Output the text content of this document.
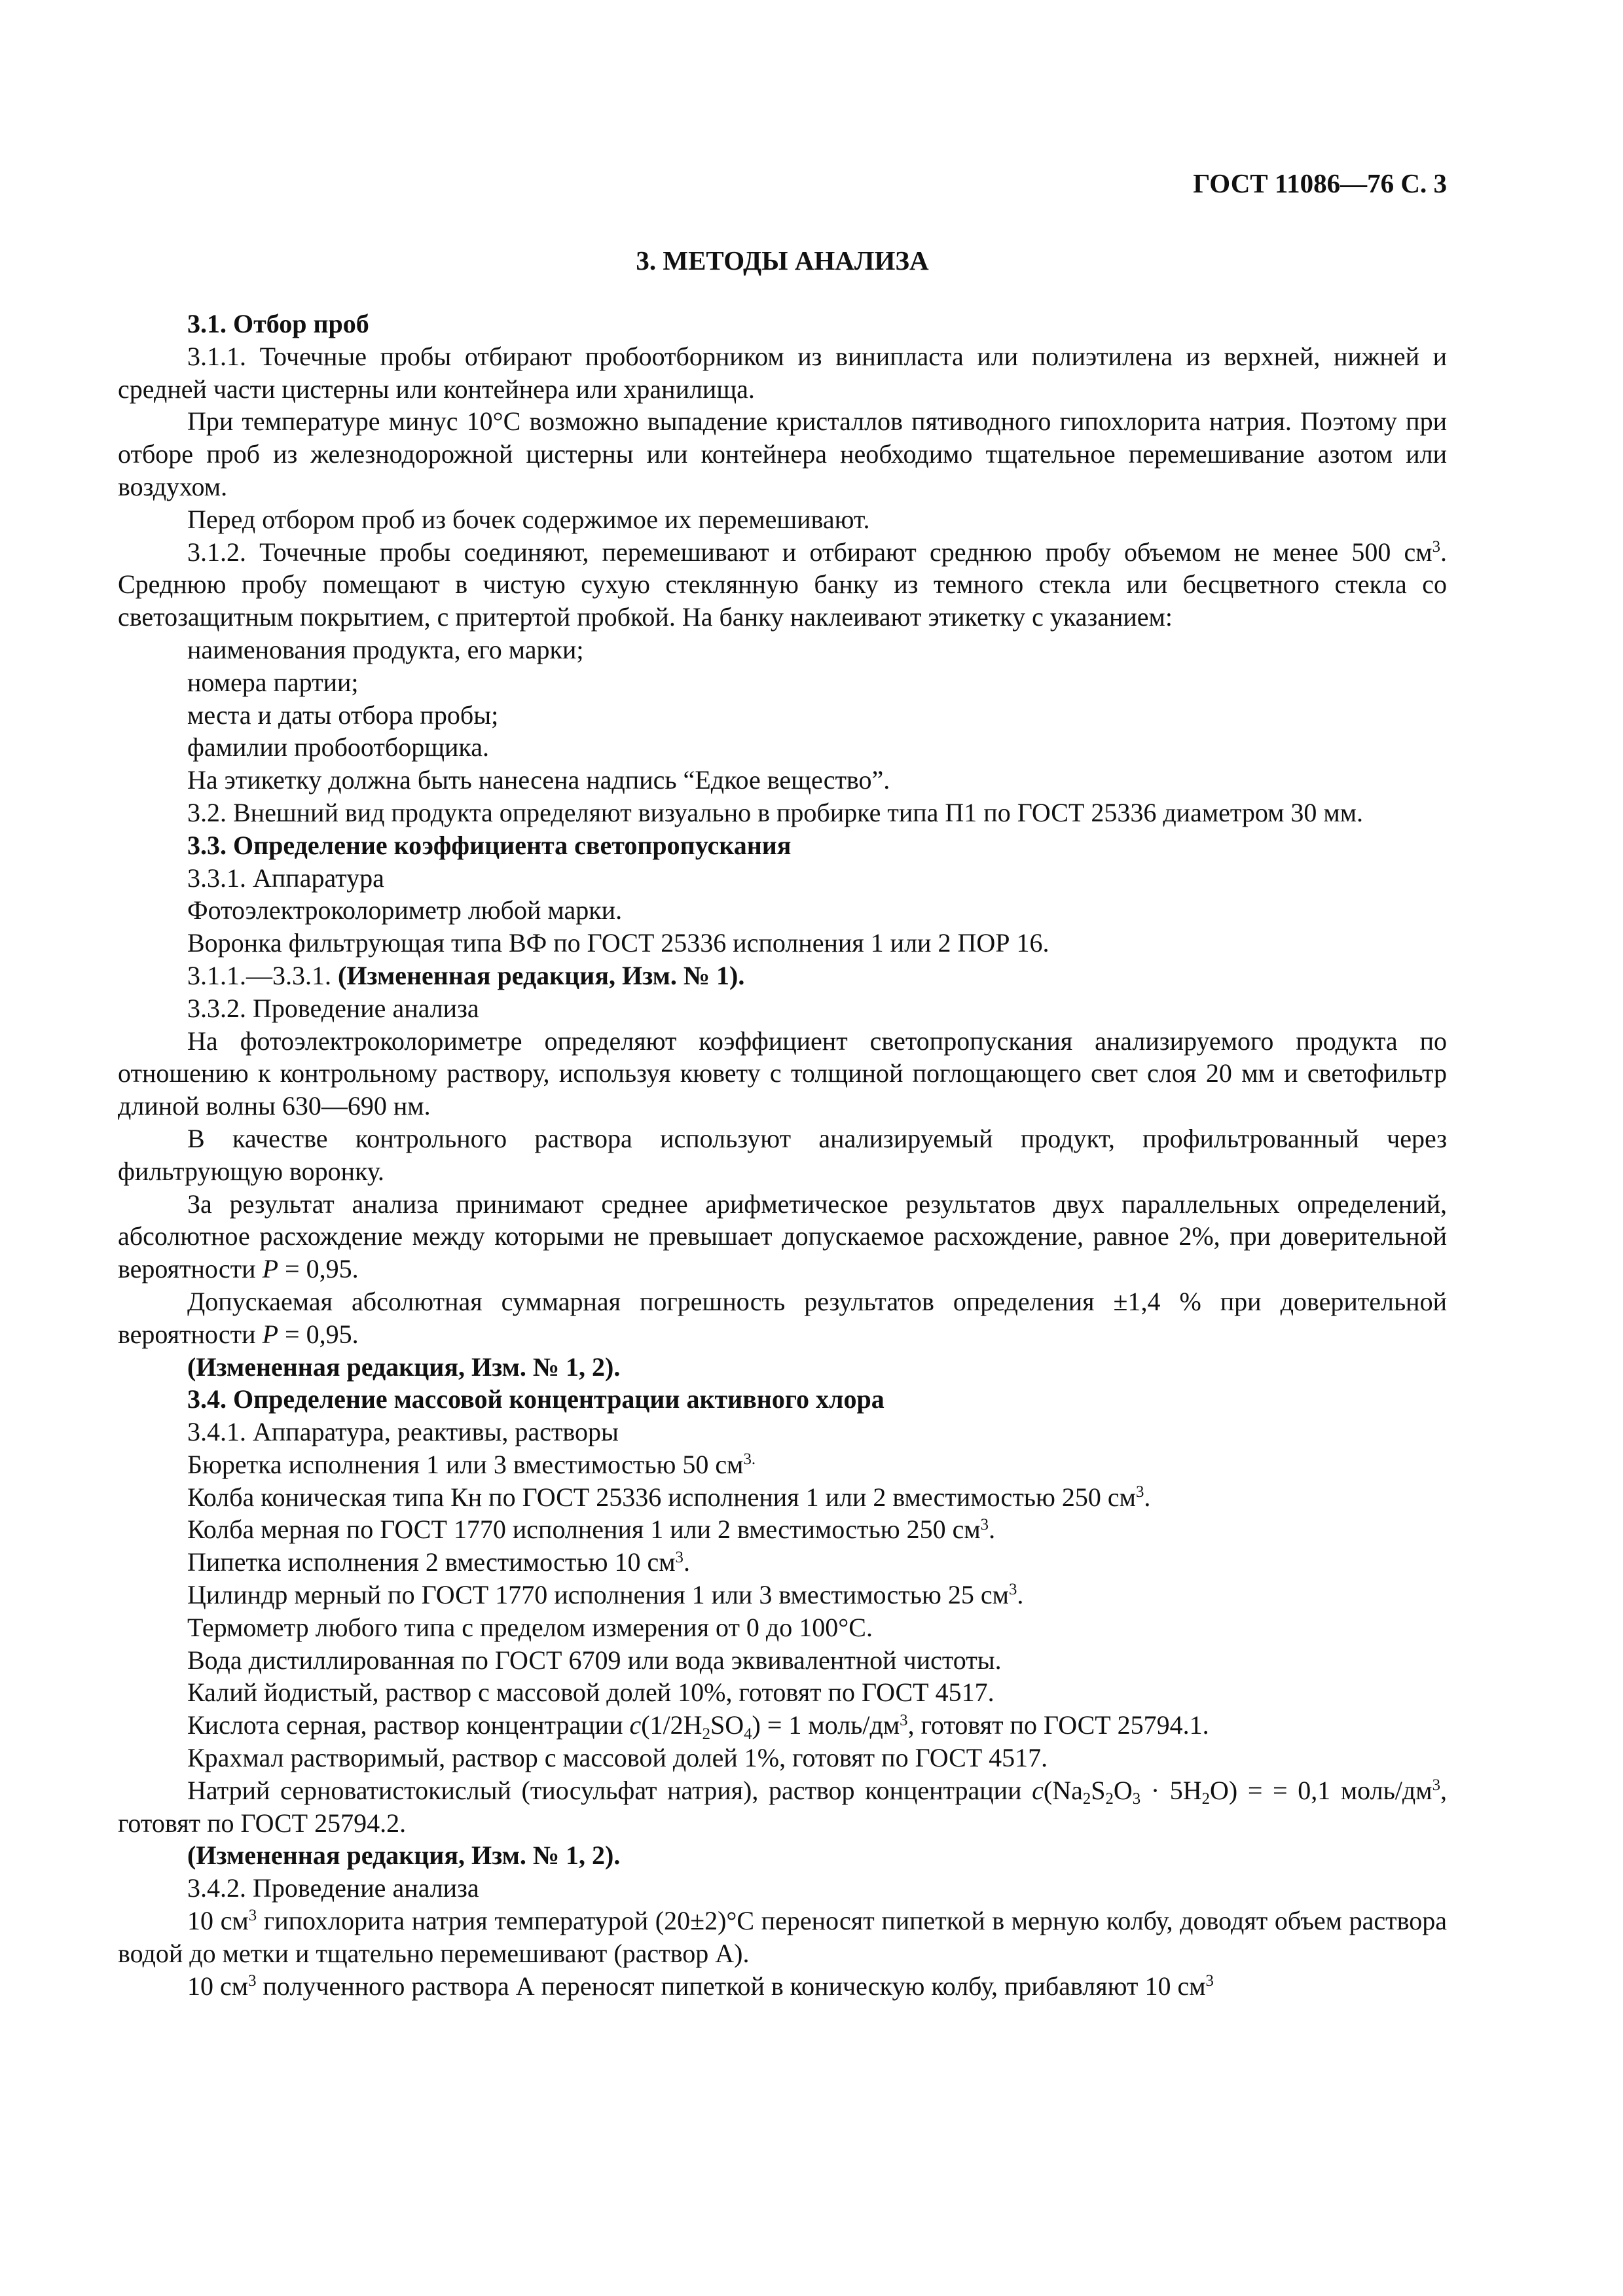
ГОСТ 11086—76 С. 3
3. МЕТОДЫ АНАЛИЗА

3.1. Отбор проб

3.1.1. Точечные пробы отбирают пробоотборником из винипласта или полиэтилена из верхней, нижней и средней части цистерны или контейнера или хранилища.

При температуре минус 10°С возможно выпадение кристаллов пятиводного гипохлорита натрия. Поэтому при отборе проб из железнодорожной цистерны или контейнера необходимо тщательное перемешивание азотом или воздухом.

Перед отбором проб из бочек содержимое их перемешивают.

3.1.2. Точечные пробы соединяют, перемешивают и отбирают среднюю пробу объемом не менее 500 $см^3$. Среднюю пробу помещают в чистую сухую стеклянную банку из темного стекла или бесцветного стекла со светозащитным покрытием, с притертой пробкой. На банку наклеивают этикетку с указанием:

наименования продукта, его марки;

номера партии;

места и даты отбора пробы;

фамилии пробоотборщика.

На этикетку должна быть нанесена надпись “Едкое вещество”.

3.2. Внешний вид продукта определяют визуально в пробирке типа П1 по ГОСТ 25336 диаметром 30 мм.

3.3. Определение коэффициента светопропускания

3.3.1. Аппаратура

Фотоэлектроколориметр любой марки.

Воронка фильтрующая типа ВФ по ГОСТ 25336 исполнения 1 или 2 ПОР 16.

3.1.1.—3.3.1. (Измененная редакция, Изм. № 1).

3.3.2. Проведение анализа

На фотоэлектроколориметре определяют коэффициент светопропускания анализируемого продукта по отношению к контрольному раствору, используя кювету с толщиной поглощающего свет слоя 20 мм и светофильтр длиной волны 630—690 нм.

В качестве контрольного раствора используют анализируемый продукт, профильтрованный через фильтрующую воронку.

За результат анализа принимают среднее арифметическое результатов двух параллельных определений, абсолютное расхождение между которыми не превышает допускаемое расхождение, равное 2%, при доверительной вероятности Р = 0,95.

Допускаемая абсолютная суммарная погрешность результатов определения ±1,4 % при доверительной вероятности Р = 0,95.

(Измененная редакция, Изм. № 1, 2).

3.4. Определение массовой концентрации активного хлора

3.4.1. Аппаратура, реактивы, растворы

Бюретка исполнения 1 или 3 вместимостью 50 $см^{3.}$

Колба коническая типа Кн по ГОСТ 25336 исполнения 1 или 2 вместимостью 250 $см^3$.

Колба мерная по ГОСТ 1770 исполнения 1 или 2 вместимостью 250 $см^3$.

Пипетка исполнения 2 вместимостью 10 $см^3$.

Цилиндр мерный по ГОСТ 1770 исполнения 1 или 3 вместимостью 25 $см^3$.

Термометр любого типа с пределом измерения от 0 до 100°С.

Вода дистиллированная по ГОСТ 6709 или вода эквивалентной чистоты.

Калий йодистый, раствор с массовой долей 10%, готовят по ГОСТ 4517.

Кислота серная, раствор концентрации $с(1/2H_2SO_4) = 1$ моль/$дм^3$, готовят по ГОСТ 25794.1.

Крахмал растворимый, раствор с массовой долей 1%, готовят по ГОСТ 4517.

Натрий серноватистокислый (тиосульфат натрия), раствор концентрации $с(Na_2S_2O_3 \cdot 5H_2O)$ = = 0,1 моль/$дм^3$, готовят по ГОСТ 25794.2.

(Измененная редакция, Изм. № 1, 2).

3.4.2. Проведение анализа

10 $см^3$ гипохлорита натрия температурой (20±2)°С переносят пипеткой в мерную колбу, доводят объем раствора водой до метки и тщательно перемешивают (раствор А).

10 $см^3$ полученного раствора А переносят пипеткой в коническую колбу, прибавляют 10 $см^3$
